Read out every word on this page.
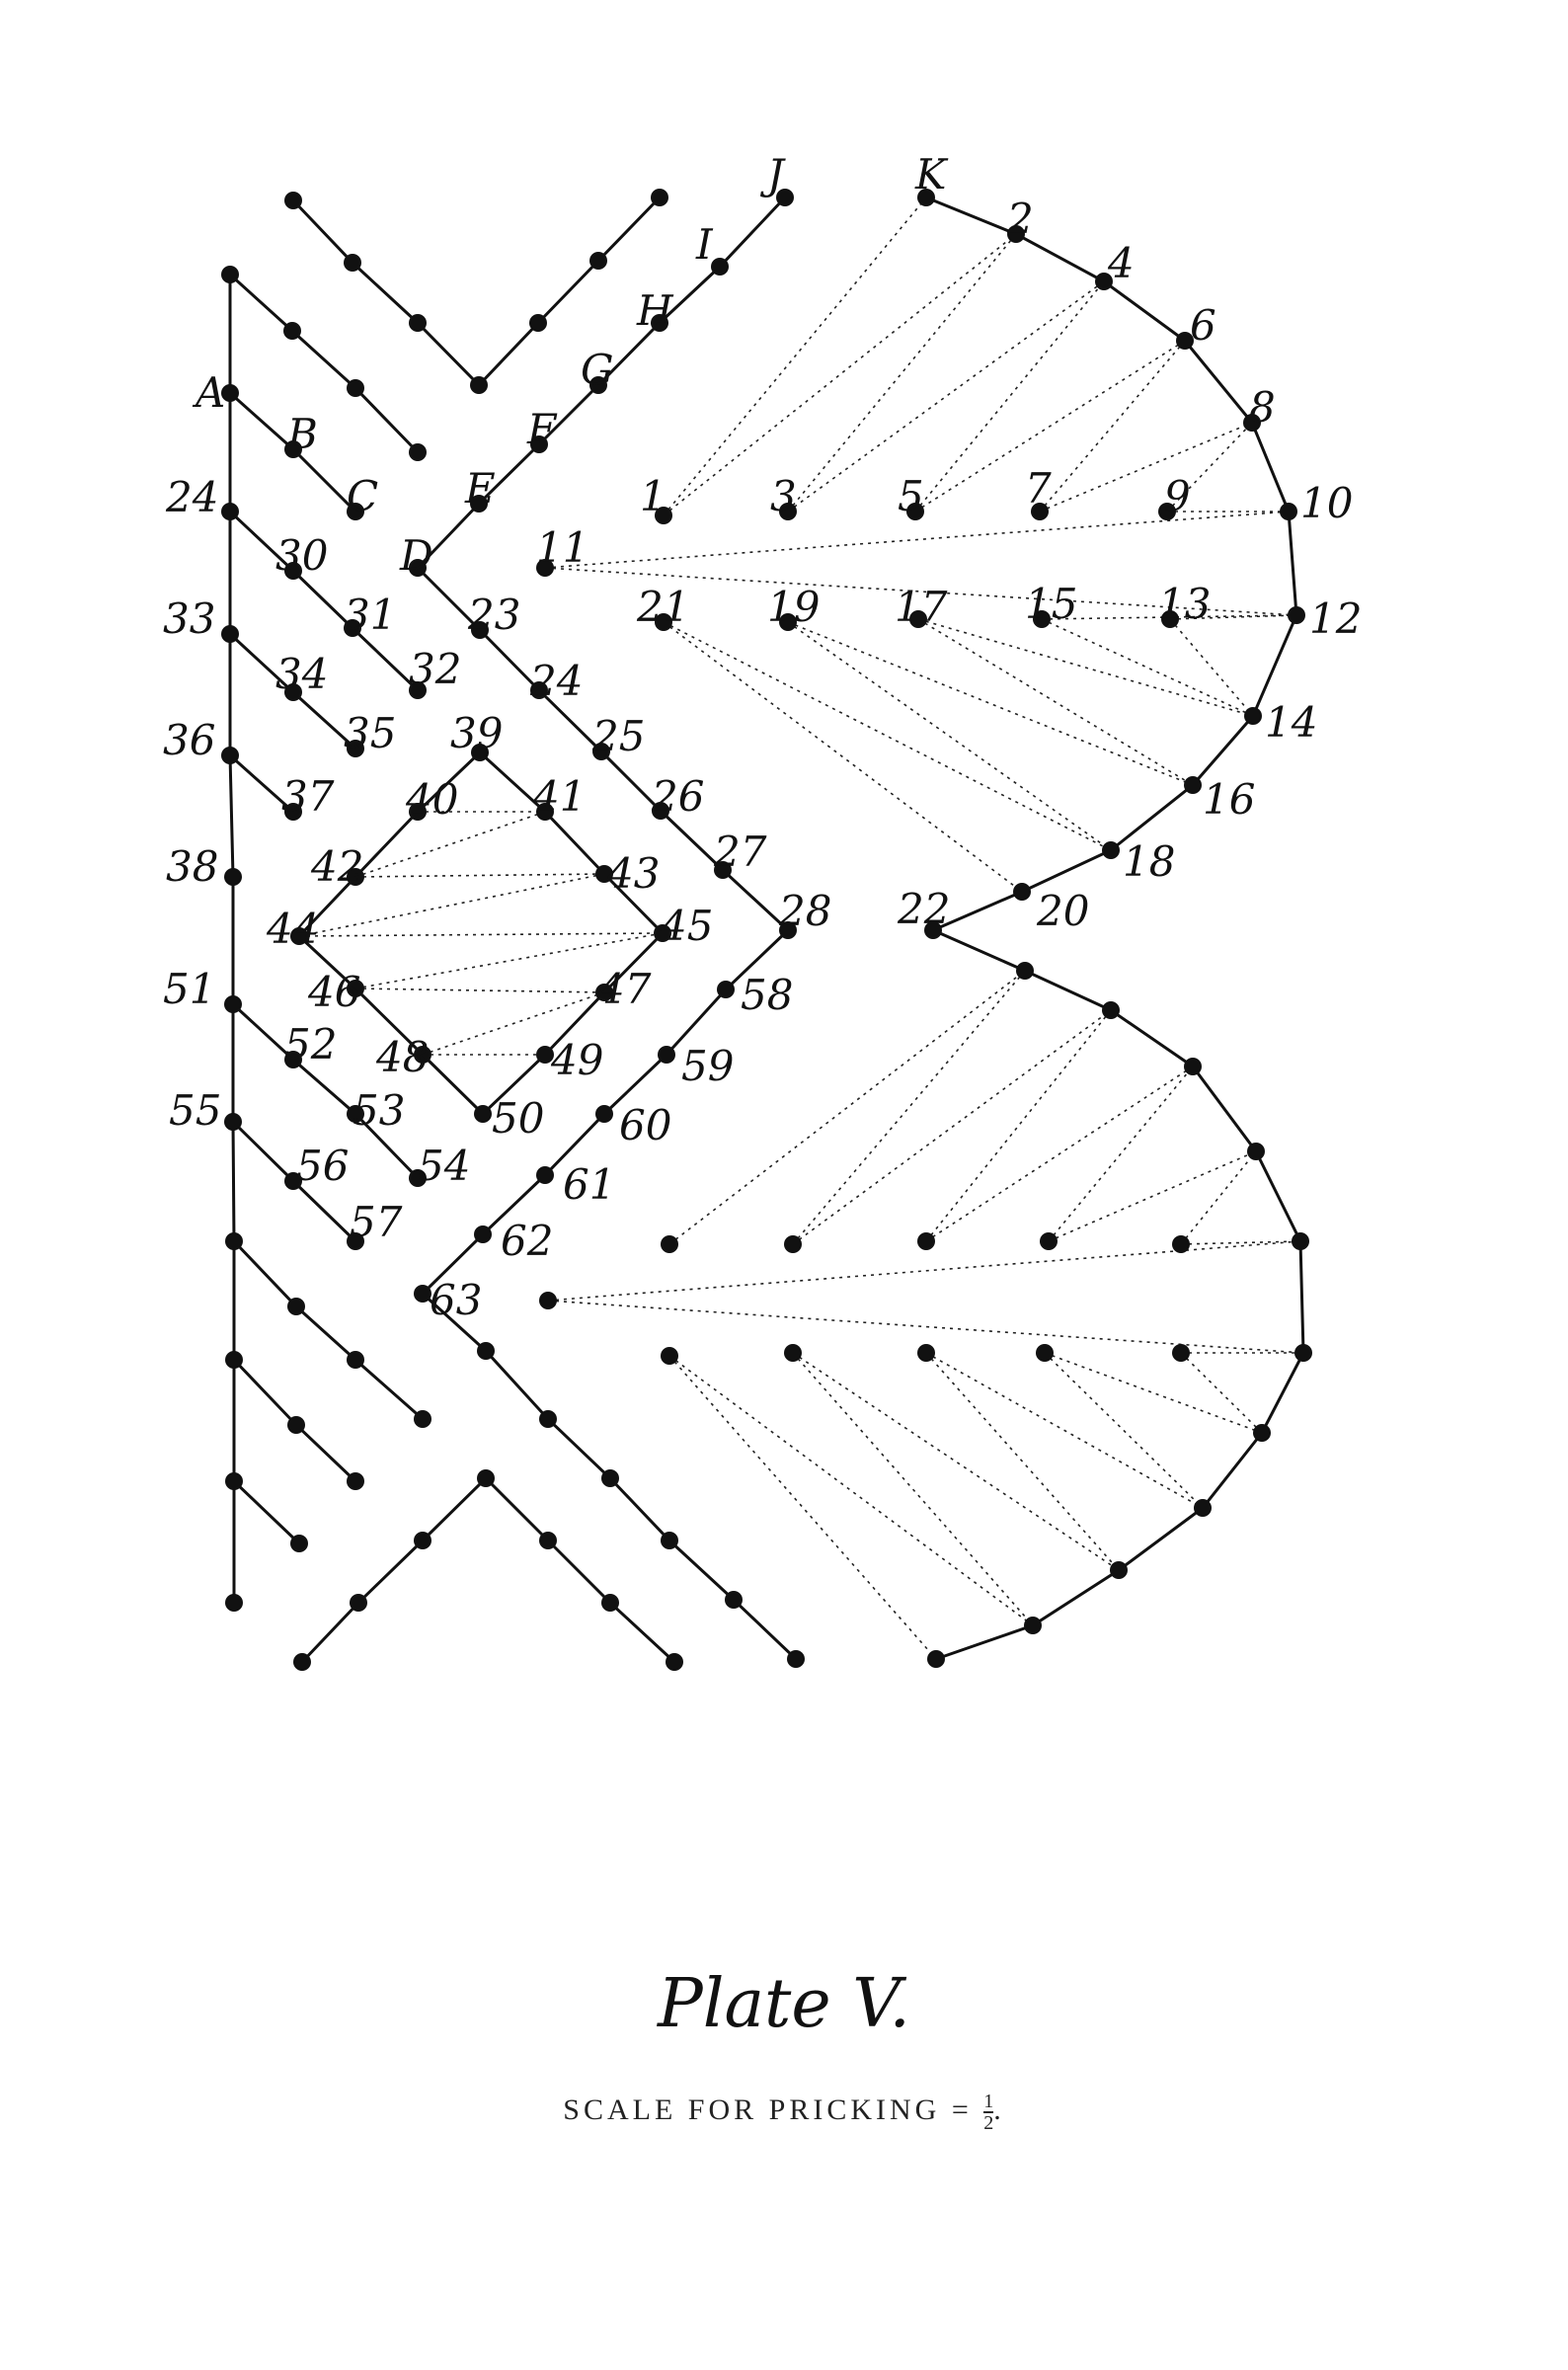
A
B
C
D
E
F
G
H
I
J	K
1
2
3
4
5
6
7
8
9	10
11
12
13
14
15
16
17
18
19
20
21
22
24
23
24
25
26
27
28
30
31
32
33
34
35
36
37
38
39
40 41
42	43
44	45
46	47
48	49
50
51
52
53
54
55
56
57
58
59
60
61
62
63
Plate V.
SCALE FOR PRICKING = $\frac{1}{2}$ .
